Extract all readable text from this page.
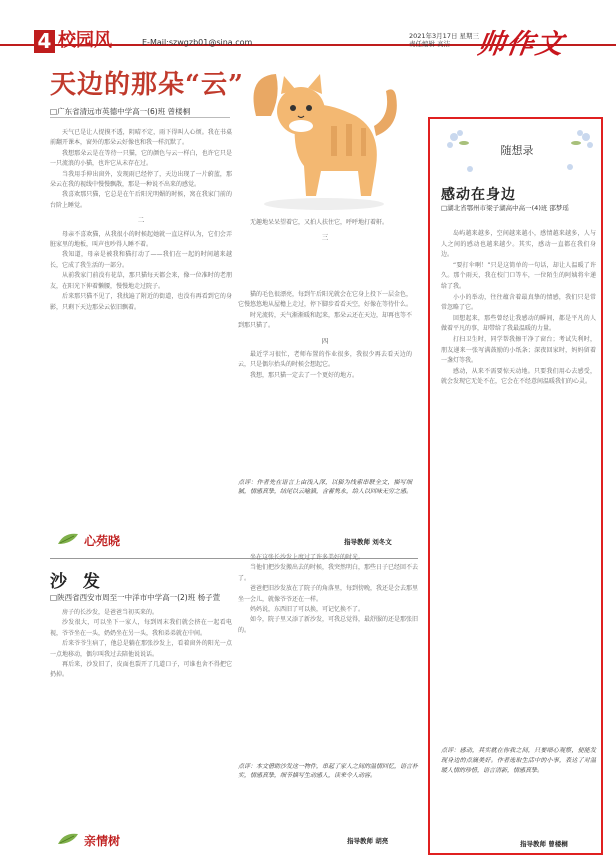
4 校园风	E-Mail:szwgzb01@sina.com
2021年3月17日 星期三
责任编辑 高洁 帅作文
天边的那朵“云”
□广东省清远市英德中学高一(6)班 曾楼桐

天气已是让人捉摸不透，阴晴不定，雨下得叫人心烦。我在书桌前翻开课本，窗外的那朵云好像也和我一样沉默了。

我想那朵云是在等待一只猫，它的颜色与云一样白，也许它只是一只流浪的小猫，也许它从未存在过。

当我用手伸出窗外，发现雨已经停了，天边出现了一片蔚蓝，那朵云在我的视线中慢慢飘散，那是一种说不出来的感觉。

我喜欢那只猫，它总是在午后阳光明媚的时候，窝在我家门前的台阶上睡觉。

二

母亲不喜欢猫，从我很小的时候起她就一直这样认为，它们会弄脏家里的地板，叫声也吵得人睡不着。

我知道，母亲是被我和猫打动了——我们在一起的时间越来越长，它成了我生活的一部分。

从前我家门前没有花草，那只猫每天都会来，像一位准时的老朋友，在阳光下伸着懒腰，慢慢地走过院子。

后来那只猫不见了，我找遍了附近的街道，也没有再看到它的身影，只剩下天边那朵云依旧飘着。

无趣地呆呆望着它，又拍人扶住它，呼呼地打着鼾。

三

猫的毛色很漂亮，每到午后阳光就会在它身上投下一层金色，它慢悠悠地从屋檐上走过，停下脚步看看天空，好像在等待什么。

时光流转，天气渐渐暖和起来，那朵云还在天边，却再也等不到那只猫了。

四

最近学习很忙，老师布置的作业很多，我很少再去看天边的云，只是偶尔抬头的时候会想起它。

我想，那只猫一定去了一个更好的地方。

点评：作者先在语言上由浅入深，以猫为线索串联全文，描写细腻，情感真挚，结尾以云喻猫，含蓄隽永，给人以回味无穷之感。
指导教师 刘冬文
心苑晓
沙 发
□陕西省西安市周至一中洋市中学高一(2)班 杨子萱

房子的长沙发，是爸爸当初买来的。

沙发很大，可以坐下一家人，每到周末我们就会挤在一起看电视，爷爷坐在一头，奶奶坐在另一头，我和弟弟就在中间。

后来爷爷生病了，他总是躺在那张沙发上，看着窗外的阳光一点一点地移动，偶尔叫我过去陪他说说话。

再后来，沙发旧了，皮面也裂开了几道口子，可谁也舍不得把它扔掉。

坐在这张长沙发上度过了许多美好的时光。

当他们把沙发搬出去的时候，我突然明白，那些日子已经回不去了。

爸爸把旧沙发放在了院子的角落里，每到傍晚，我还是会去那里坐一会儿，就像爷爷还在一样。

妈妈说，东西旧了可以换，可记忆换不了。

如今，院子里又添了新沙发，可我总觉得，最舒服的还是那张旧的。

点评：本文借助沙发这一物件，串起了家人之间的温情回忆，语言朴实，情感真挚，细节描写生动感人，读来令人动容。
指导教师 胡亮
亲情树
随想录
感动在身边
□湖北省鄂州市梁子湖高中高一(4)班 邵梦瑶

岛屿越来越多，空间越来越小，感情越来越多，人与人之间的感动也越来越少。其实，感动一直都在我们身边。

“要打伞啊！”只是这简单的一句话，却让人温暖了许久。那个雨天，我在校门口等车，一位陌生的阿姨将伞递给了我。

小小的举动，往往蕴含着最真挚的情感，我们只是常常忽略了它。

回想起来，那些曾经让我感动的瞬间，都是平凡的人做着平凡的事，却带给了我最温暖的力量。

打扫卫生时，同学帮我擦干净了窗台；考试失利时，朋友递来一张写满鼓励的小纸条；深夜回家时，妈妈留着一盏灯等我。

感动，从来不需要惊天动地。只要我们用心去感受，就会发现它无处不在，它会在不经意间温暖我们的心灵。

点评：感动，其实就在你我之间，只要细心观察，便能发现身边的点滴美好。作者选取生活中的小事，表达了对温暖人情的珍惜，语言清新，情感真挚。
指导教师 曾楼桐
